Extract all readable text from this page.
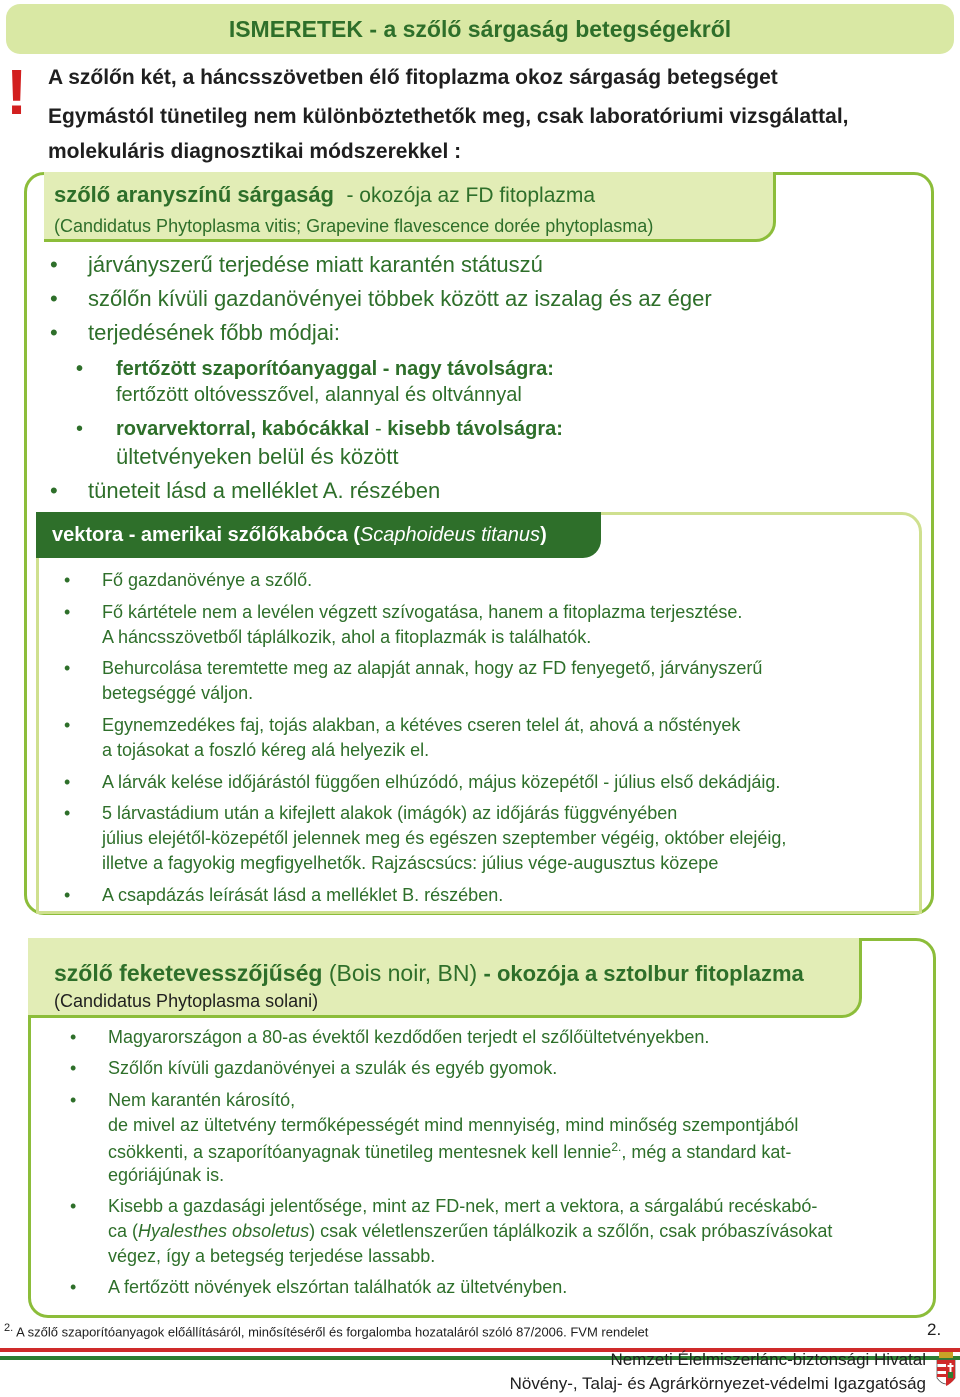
ISMERETEK - a szőlő sárgaság betegségekről
! A szőlőn két, a háncsszövetben élő fitoplazma okoz sárgaság betegséget
Egymástól tünetileg nem különböztethetők meg, csak laboratóriumi vizsgálattal,
molekuláris diagnosztikai módszerekkel :
szőlő aranyszínű sárgaság - okozója az FD fitoplazma
(Candidatus Phytoplasma vitis; Grapevine flavescence dorée phytoplasma)
• járványszerű terjedése miatt karantén státuszú
• szőlőn kívüli gazdanövényei többek között az iszalag és az éger
• terjedésének főbb módjai:
• fertőzött szaporítóanyaggal - nagy távolságra:
fertőzött oltóvesszővel, alannyal és oltvánnyal
• rovarvektorral, kabócákkal - kisebb távolságra:
ültetvényeken belül és között
• tüneteit lásd a melléklet A. részében
vektora - amerikai szőlőkabóca (Scaphoideus titanus)
• Fő gazdanövénye a szőlő.
• Fő kártétele nem a levélen végzett szívogatása, hanem a fitoplazma terjesztése.
A háncsszövetből táplálkozik, ahol a fitoplazmák is találhatók.
• Behurcolása teremtette meg az alapját annak, hogy az FD fenyegető, járványszerű
betegséggé váljon.
• Egynemzedékes faj, tojás alakban, a kétéves cseren telel át, ahová a nőstények
a tojásokat a foszló kéreg alá helyezik el.
• A lárvák kelése időjárástól függően elhúzódó, május közepétől - július első dekádjáig.
• 5 lárvastádium után a kifejlett alakok (imágók) az időjárás függvényében
július elejétől-közepétől jelennek meg és egészen szeptember végéig, október elejéig,
illetve a fagyokig megfigyelhetők. Rajzáscsúcs: július vége-augusztus közepe
• A csapdázás leírását lásd a melléklet B. részében.
szőlő feketevesszőjűség (Bois noir, BN) - okozója a sztolbur fitoplazma
(Candidatus Phytoplasma solani)
• Magyarországon a 80-as évektől kezdődően terjedt el szőlőültetvényekben.
• Szőlőn kívüli gazdanövényei a szulák és egyéb gyomok.
• Nem karantén károsító,
de mivel az ültetvény termőképességét mind mennyiség, mind minőség szempontjából
csökkenti, a szaporítóanyagnak tünetileg mentesnek kell lennie$^{2.}$, még a standard kat-
egóriájúnak is.
• Kisebb a gazdasági jelentősége, mint az FD-nek, mert a vektora, a sárgalábú recéskabó-
ca (Hyalesthes obsoletus) csak véletlenszerűen táplálkozik a szőlőn, csak próbaszívásokat
végez, így a betegség terjedése lassabb.
• A fertőzött növények elszórtan találhatók az ültetvényben.
$^{2.}$ A szőlő szaporítóanyagok előállításáról, minősítéséről és forgalomba hozataláról szóló 87/2006. FVM rendelet	2.
Nemzeti Élelmiszerlánc-biztonsági Hivatal
Növény-, Talaj- és Agrárkörnyezet-védelmi Igazgatóság
